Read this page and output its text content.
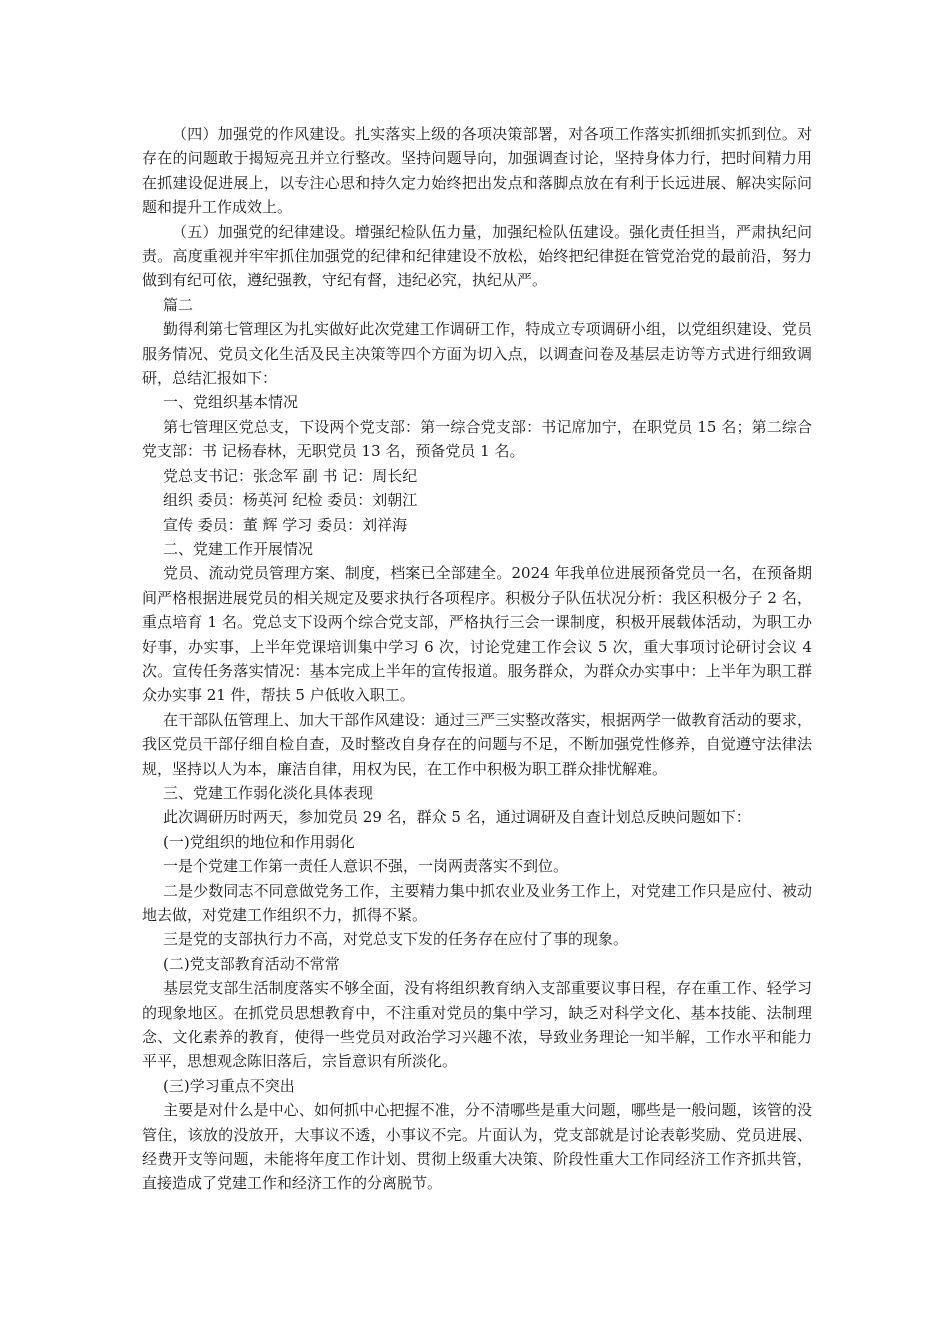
（四）加强党的作风建设。扎实落实上级的各项决策部署，对各项工作落实抓细抓实抓到位。对存在的问题敢于揭短亮丑并立行整改。坚持问题导向，加强调查讨论，坚持身体力行，把时间精力用在抓建设促进展上，以专注心思和持久定力始终把出发点和落脚点放在有利于长远进展、解决实际问题和提升工作成效上。

（五）加强党的纪律建设。增强纪检队伍力量，加强纪检队伍建设。强化责任担当，严肃执纪问责。高度重视并牢牢抓住加强党的纪律和纪律建设不放松，始终把纪律挺在管党治党的最前沿，努力做到有纪可依，遵纪强教，守纪有督，违纪必究，执纪从严。

篇二

勤得利第七管理区为扎实做好此次党建工作调研工作，特成立专项调研小组，以党组织建设、党员服务情况、党员文化生活及民主决策等四个方面为切入点，以调查问卷及基层走访等方式进行细致调研，总结汇报如下：

一、党组织基本情况

第七管理区党总支，下设两个党支部：第一综合党支部：书记席加宁，在职党员 15 名；第二综合党支部：书 记杨春林，无职党员 13 名，预备党员 1 名。

党总支书记：张念军 副 书 记：周长纪

组织 委员：杨英河 纪检 委员：刘朝江

宣传 委员：董 辉 学习 委员：刘祥海

二、党建工作开展情况

党员、流动党员管理方案、制度，档案已全部建全。2024 年我单位进展预备党员一名，在预备期间严格根据进展党员的相关规定及要求执行各项程序。积极分子队伍状况分析：我区积极分子 2 名，重点培育 1 名。党总支下设两个综合党支部，严格执行三会一课制度，积极开展载体活动，为职工办好事，办实事，上半年党课培训集中学习 6 次，讨论党建工作会议 5 次，重大事项讨论研讨会议 4 次。宣传任务落实情况：基本完成上半年的宣传报道。服务群众，为群众办实事中：上半年为职工群众办实事 21 件，帮扶 5 户低收入职工。

在干部队伍管理上、加大干部作风建设：通过三严三实整改落实，根据两学一做教育活动的要求，我区党员干部仔细自检自查，及时整改自身存在的问题与不足，不断加强党性修养，自觉遵守法律法规，坚持以人为本，廉洁自律，用权为民，在工作中积极为职工群众排忧解难。

三、党建工作弱化淡化具体表现

此次调研历时两天，参加党员 29 名，群众 5 名，通过调研及自查计划总反映问题如下：

(一)党组织的地位和作用弱化

一是个党建工作第一责任人意识不强，一岗两责落实不到位。

二是少数同志不同意做党务工作，主要精力集中抓农业及业务工作上，对党建工作只是应付、被动地去做，对党建工作组织不力，抓得不紧。

三是党的支部执行力不高，对党总支下发的任务存在应付了事的现象。

(二)党支部教育活动不常常

基层党支部生活制度落实不够全面，没有将组织教育纳入支部重要议事日程，存在重工作、轻学习的现象地区。在抓党员思想教育中，不注重对党员的集中学习，缺乏对科学文化、基本技能、法制理念、文化素养的教育，使得一些党员对政治学习兴趣不浓，导致业务理论一知半解，工作水平和能力平平，思想观念陈旧落后，宗旨意识有所淡化。

(三)学习重点不突出

主要是对什么是中心、如何抓中心把握不准，分不清哪些是重大问题，哪些是一般问题，该管的没管住，该放的没放开，大事议不透，小事议不完。片面认为，党支部就是讨论表彰奖励、党员进展、经费开支等问题，未能将年度工作计划、贯彻上级重大决策、阶段性重大工作同经济工作齐抓共管，直接造成了党建工作和经济工作的分离脱节。
